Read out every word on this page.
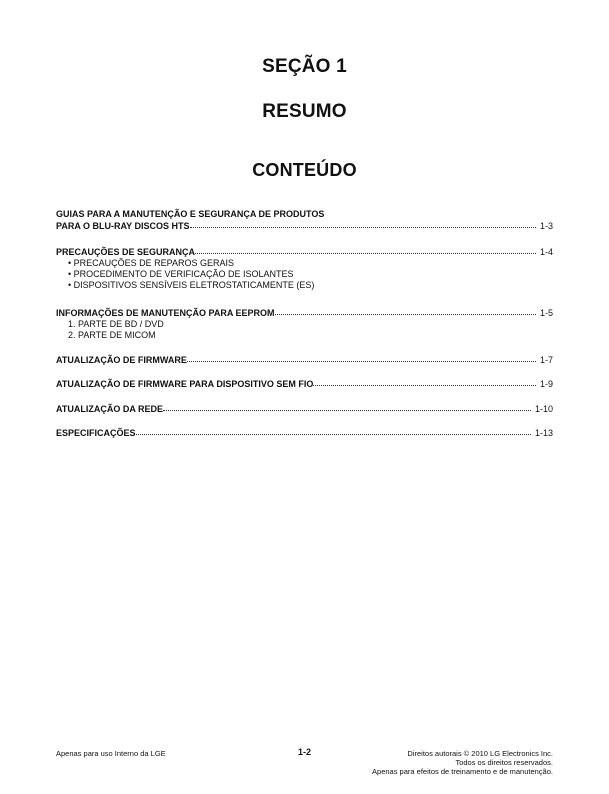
SEÇÃO 1
RESUMO
CONTEÚDO
GUIAS PARA A MANUTENÇÃO E SEGURANÇA DE PRODUTOS
PARA O BLU-RAY DISCOS HTS	1-3
PRECAUÇÕES DE SEGURANÇA	1-4
• PRECAUÇÕES DE REPAROS GERAIS
• PROCEDIMENTO DE VERIFICAÇÃO DE ISOLANTES
• DISPOSITIVOS SENSÍVEIS ELETROSTATICAMENTE (ES)
INFORMAÇÕES DE MANUTENÇÃO PARA EEPROM	1-5
1. PARTE DE BD / DVD
2. PARTE DE MICOM
ATUALIZAÇÃO DE FIRMWARE	1-7
ATUALIZAÇÃO DE FIRMWARE PARA DISPOSITIVO SEM FIO	1-9
ATUALIZAÇÃO DA REDE	1-10
ESPECIFICAÇÕES	1-13
Apenas para uso Interno da LGE	1-2	Direitos autorais © 2010 LG Electronics Inc.
Todos os direitos reservados.
Apenas para efeitos de treinamento e de manutenção.
